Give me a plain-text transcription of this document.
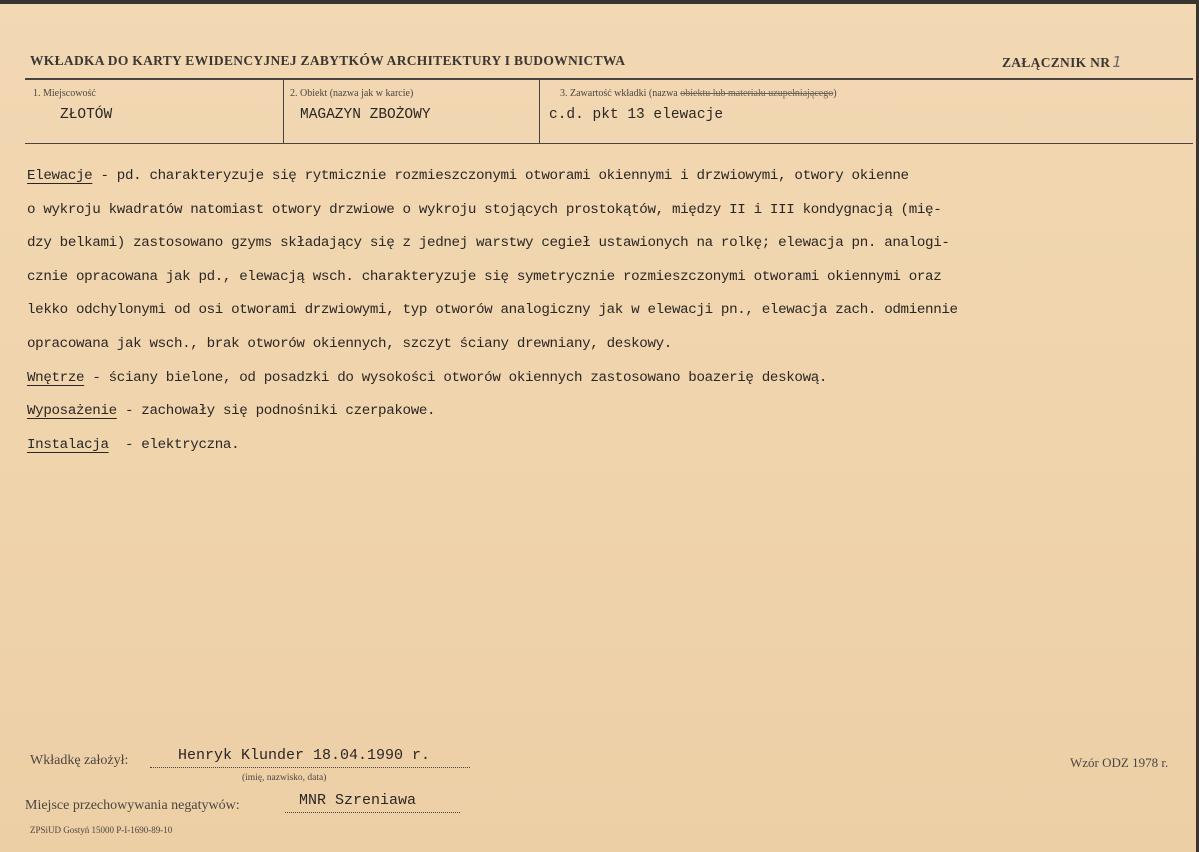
WKŁADKA DO KARTY EWIDENCYJNEJ ZABYTKÓW ARCHITEKTURY I BUDOWNICTWA	ZAŁĄCZNIK NR 1
1. Miejscowość
ZŁOTÓW
2. Obiekt (nazwa jak w karcie)
MAGAZYN ZBOŻOWY
3. Zawartość wkładki (nazwa obiektu lub materiału uzupełniającego)
c.d. pkt 13 elewacje
Elewacje - pd. charakteryzuje się rytmicznie rozmieszczonymi otworami okiennymi i drzwiowymi, otwory okienne
o wykroju kwadratów natomiast otwory drzwiowe o wykroju stojących prostokątów, między II i III kondygnacją (mię-
dzy belkami) zastosowano gzyms składający się z jednej warstwy cegieł ustawionych na rolkę; elewacja pn. analogi-
cznie opracowana jak pd., elewacją wsch. charakteryzuje się symetrycznie rozmieszczonymi otworami okiennymi oraz
lekko odchylonymi od osi otworami drzwiowymi, typ otworów analogiczny jak w elewacji pn., elewacja zach. odmiennie
opracowana jak wsch., brak otworów okiennych, szczyt ściany drewniany, deskowy.
Wnętrze - ściany bielone, od posadzki do wysokości otworów okiennych zastosowano boazerię deskową.
Wyposażenie - zachowały się podnośniki czerpakowe.
Instalacja  - elektryczna.
Wkładkę założył:	Henryk Klunder 18.04.1990 r.
(imię, nazwisko, data)
Miejsce przechowywania negatywów:	MNR Szreniawa
Wzór ODZ 1978 r.
ZPSiUD Gostyń 15000 P-I-1690-89-10
